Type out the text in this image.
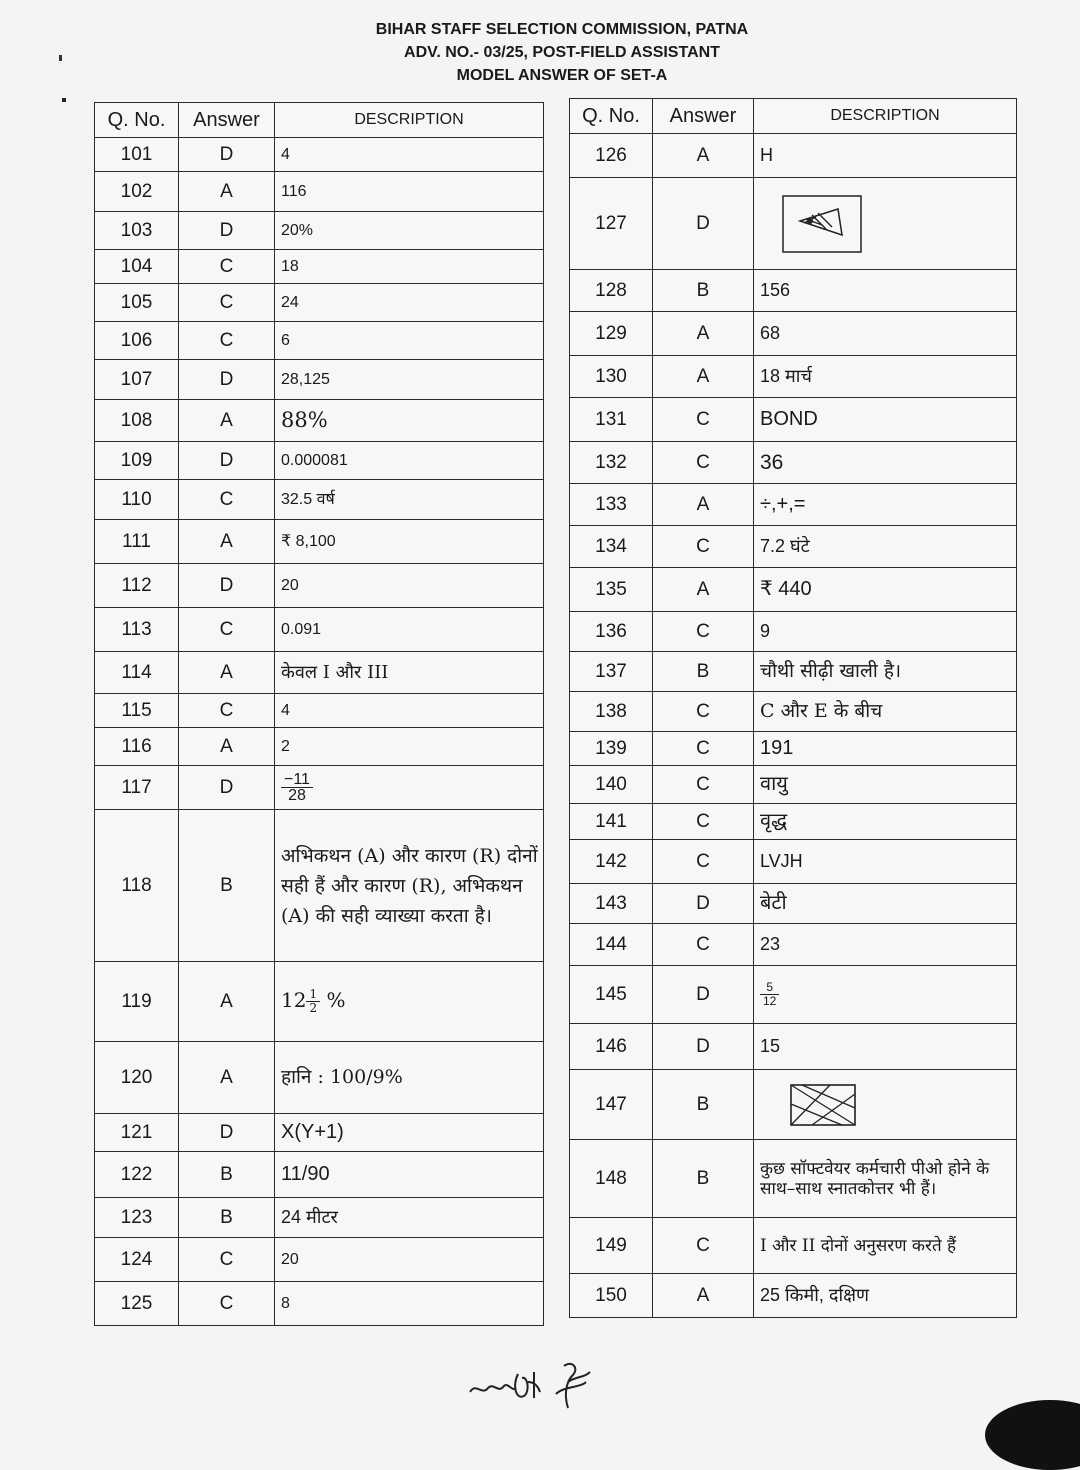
BIHAR STAFF SELECTION COMMISSION, PATNA
ADV. NO.- 03/25, POST-FIELD ASSISTANT
MODEL ANSWER OF SET-A
Q. No.	Answer	DESCRIPTION
101	D	4
102	A	116
103	D	20%
104	C	18
105	C	24
106	C	6
107	D	28,125
108	A	88%
109	D	0.000081
110	C	32.5 वर्ष
111	A	₹ 8,100
112	D	20
113	C	0.091
114	A	केवल I और III
115	C	4
116	A	2
117	D	$\frac{-11}{28}$

118	B	अभिकथन (A) और कारण (R) दोनों सही हैं और कारण (R), अभिकथन (A) की सही व्याख्या करता है।
119	A	$12 \frac{1}{2}$ %
120	A	हानि : 100/9%
121	D	X(Y+1)
122	B	11/90
123	B	24 मीटर
124	C	20
125	C	8
Q. No.	Answer	DESCRIPTION
126	A	H
127	D	
128	B	156
129	A	68
130	A	18 मार्च
131	C	BOND
132	C	36
133	A	÷,+,=
134	C	7.2 घंटे
135	A	₹ 440
136	C	9
137	B	चौथी सीढ़ी खाली है।
138	C	C और E के बीच
139	C	191
140	C	वायु
141	C	वृद्ध
142	C	LVJH
143	D	बेटी
144	C	23
145	D	$\frac{5}{12}$

146	D	15
147	B	
148	B	कुछ सॉफ्टवेयर कर्मचारी पीओ होने के साथ–साथ स्नातकोत्तर भी हैं।
149	C	I और II दोनों अनुसरण करते हैं
150	A	25 किमी, दक्षिण
